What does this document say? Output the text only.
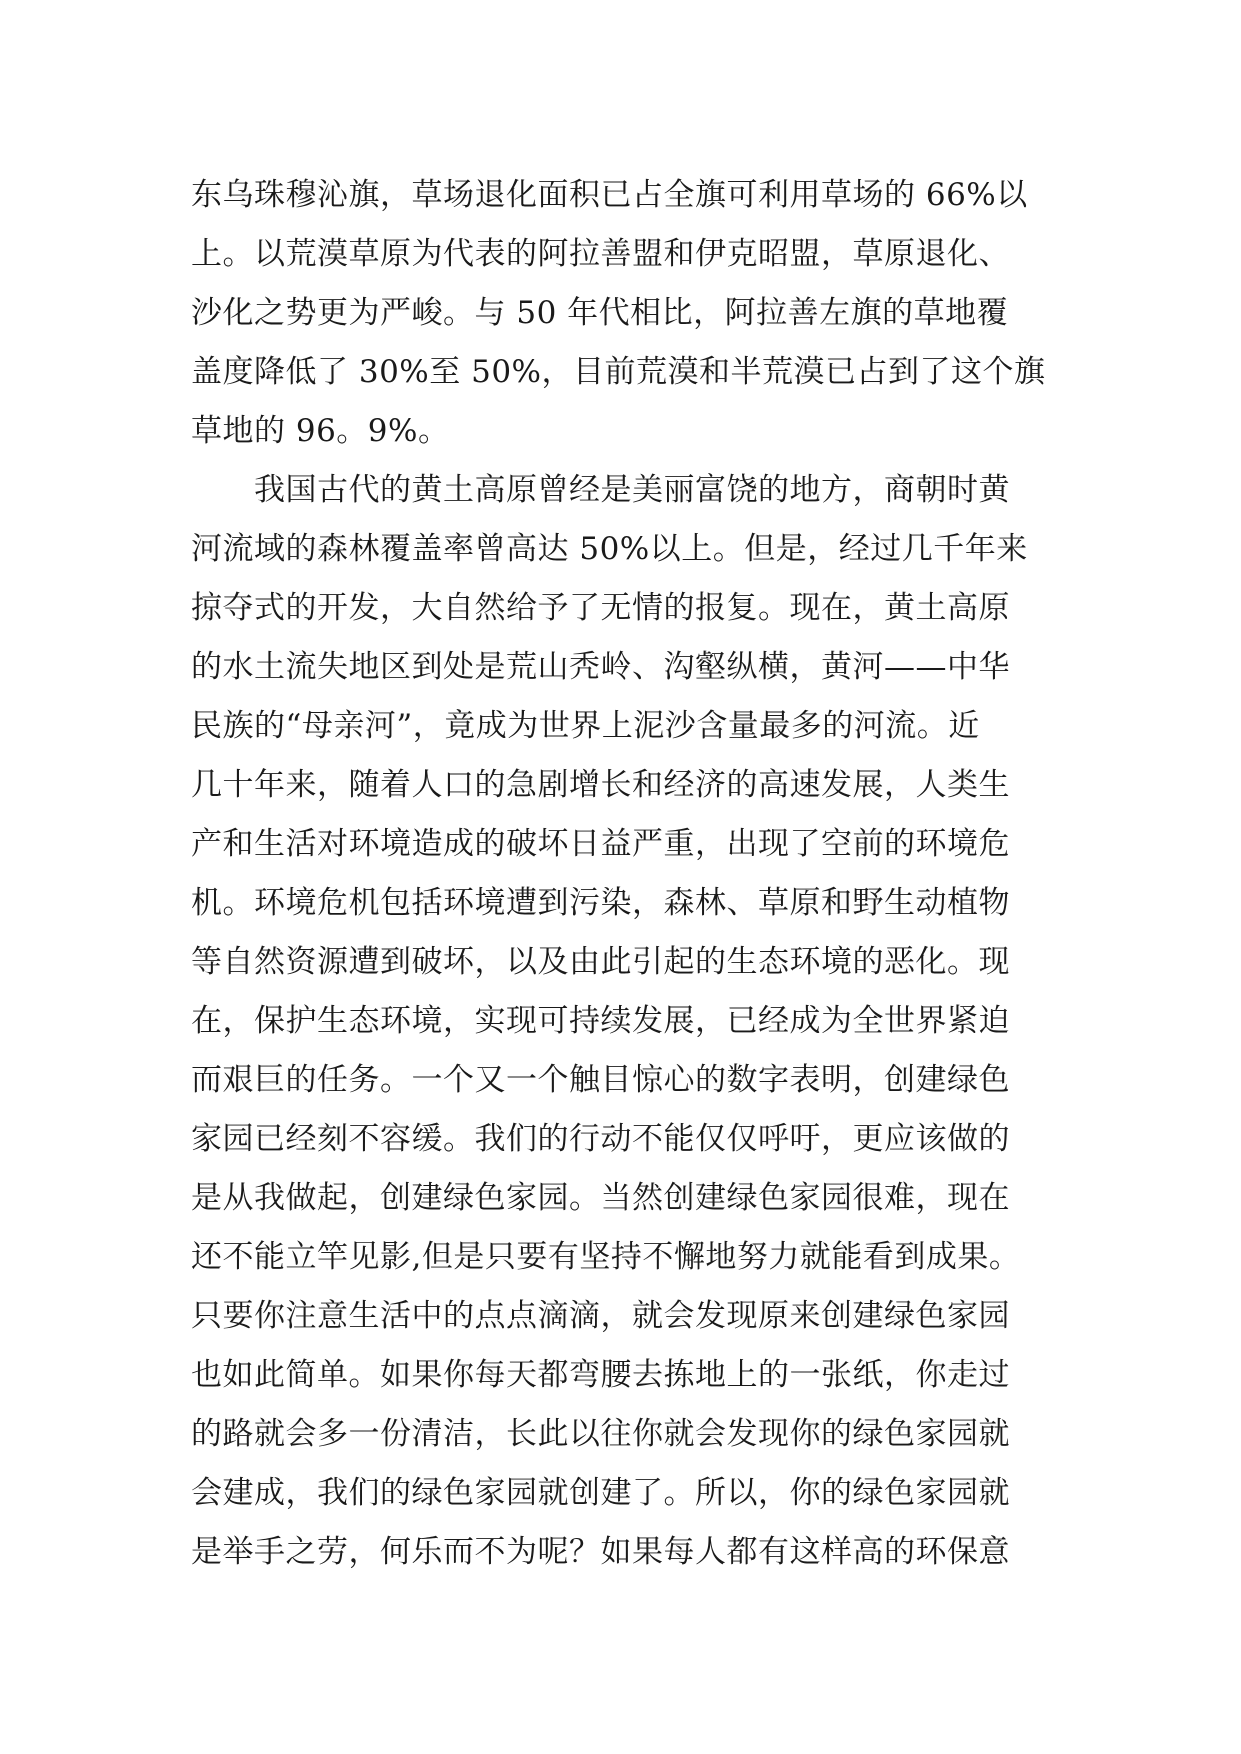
东乌珠穆沁旗，草场退化面积已占全旗可利用草场的 66%以
上。以荒漠草原为代表的阿拉善盟和伊克昭盟，草原退化、
沙化之势更为严峻。与 50 年代相比，阿拉善左旗的草地覆
盖度降低了 30%至 50%，目前荒漠和半荒漠已占到了这个旗
草地的 96。9%。
　　我国古代的黄土高原曾经是美丽富饶的地方，商朝时黄
河流域的森林覆盖率曾高达 50%以上。但是，经过几千年来
掠夺式的开发，大自然给予了无情的报复。现在，黄土高原
的水土流失地区到处是荒山秃岭、沟壑纵横，黄河——中华
民族的“母亲河”，竟成为世界上泥沙含量最多的河流。近
几十年来，随着人口的急剧增长和经济的高速发展，人类生
产和生活对环境造成的破坏日益严重，出现了空前的环境危
机。环境危机包括环境遭到污染，森林、草原和野生动植物
等自然资源遭到破坏，以及由此引起的生态环境的恶化。现
在，保护生态环境，实现可持续发展，已经成为全世界紧迫
而艰巨的任务。一个又一个触目惊心的数字表明，创建绿色
家园已经刻不容缓。我们的行动不能仅仅呼吁，更应该做的
是从我做起，创建绿色家园。当然创建绿色家园很难，现在
还不能立竿见影,但是只要有坚持不懈地努力就能看到成果。
只要你注意生活中的点点滴滴，就会发现原来创建绿色家园
也如此简单。如果你每天都弯腰去拣地上的一张纸，你走过
的路就会多一份清洁，长此以往你就会发现你的绿色家园就
会建成，我们的绿色家园就创建了。所以，你的绿色家园就
是举手之劳，何乐而不为呢？如果每人都有这样高的环保意
